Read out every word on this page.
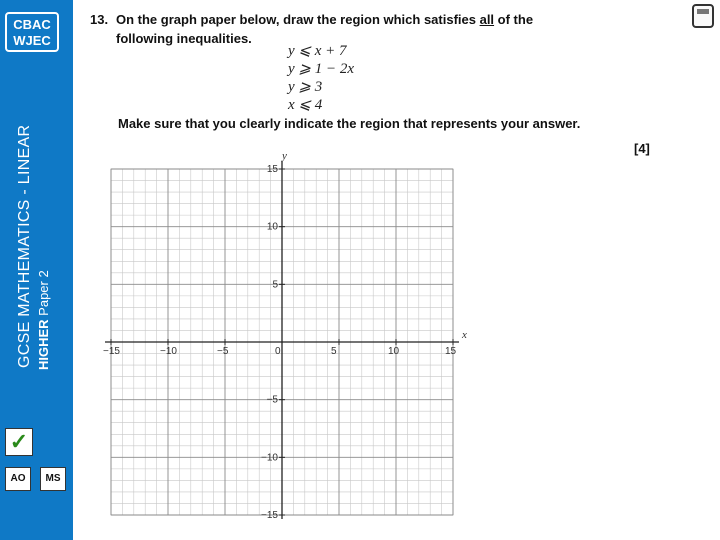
CBAC
WJEC
GCSE MATHEMATICS - LINEAR HIGHER Paper 2
✓
AO	MS
13. On the graph paper below, draw the region which satisfies all of the
following inequalities.
y ⩽ x + 7
y ⩾ 1 − 2x
y ⩾ 3
x ⩽ 4
Make sure that you clearly indicate the region that represents your answer.
[4]
−15	−10	−5	0	5	10	15
15
10
5
−5
−10
−15
x
y
